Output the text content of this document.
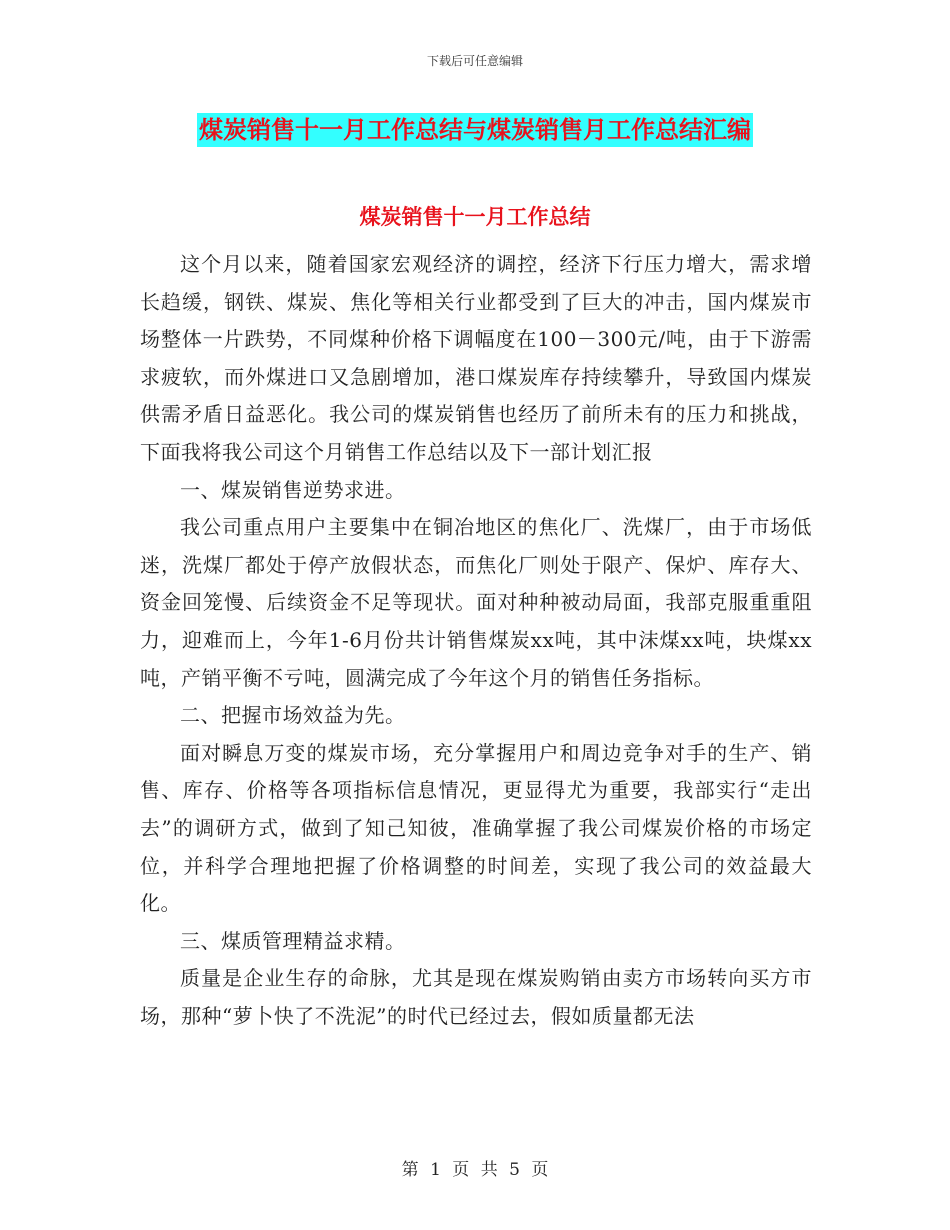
下载后可任意编辑
煤炭销售十一月工作总结与煤炭销售月工作总结汇编
煤炭销售十一月工作总结

这个月以来，随着国家宏观经济的调控，经济下行压力增大，需求增长趋缓，钢铁、煤炭、焦化等相关行业都受到了巨大的冲击，国内煤炭市场整体一片跌势，不同煤种价格下调幅度在100－300元/吨，由于下游需求疲软，而外煤进口又急剧增加，港口煤炭库存持续攀升，导致国内煤炭供需矛盾日益恶化。我公司的煤炭销售也经历了前所未有的压力和挑战，下面我将我公司这个月销售工作总结以及下一部计划汇报

一、煤炭销售逆势求进。

我公司重点用户主要集中在铜冶地区的焦化厂、洗煤厂，由于市场低迷，洗煤厂都处于停产放假状态，而焦化厂则处于限产、保炉、库存大、资金回笼慢、后续资金不足等现状。面对种种被动局面，我部克服重重阻力，迎难而上，今年1-6月份共计销售煤炭xx吨，其中沫煤xx吨，块煤xx吨，产销平衡不亏吨，圆满完成了今年这个月的销售任务指标。

二、把握市场效益为先。

面对瞬息万变的煤炭市场，充分掌握用户和周边竞争对手的生产、销售、库存、价格等各项指标信息情况，更显得尤为重要，我部实行“走出去”的调研方式，做到了知己知彼，准确掌握了我公司煤炭价格的市场定位，并科学合理地把握了价格调整的时间差，实现了我公司的效益最大化。

三、煤质管理精益求精。

质量是企业生存的命脉，尤其是现在煤炭购销由卖方市场转向买方市场，那种“萝卜快了不洗泥”的时代已经过去，假如质量都无法

第 1 页 共 5 页
